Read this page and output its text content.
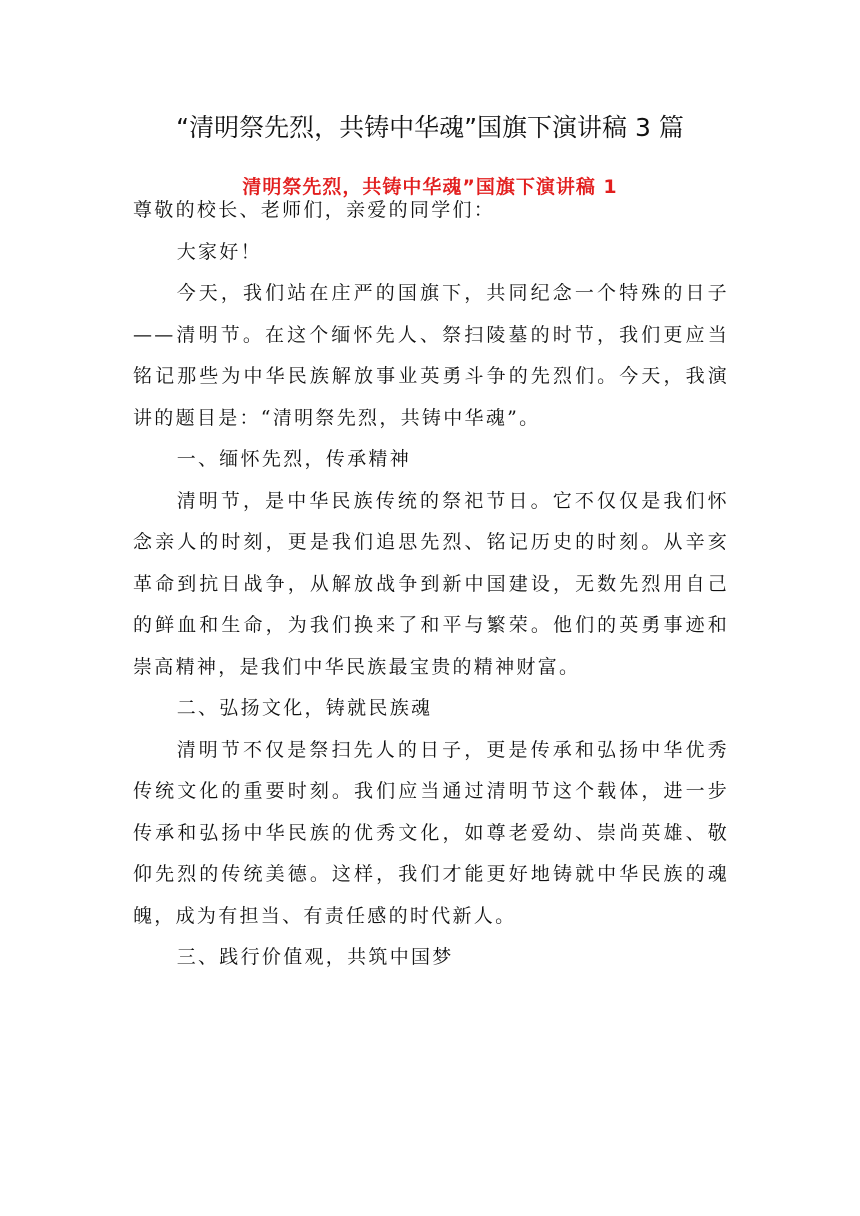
“清明祭先烈，共铸中华魂”国旗下演讲稿 3 篇
清明祭先烈，共铸中华魂”国旗下演讲稿 1

尊敬的校长、老师们，亲爱的同学们：

大家好！

今天，我们站在庄严的国旗下，共同纪念一个特殊的日子——清明节。在这个缅怀先人、祭扫陵墓的时节，我们更应当铭记那些为中华民族解放事业英勇斗争的先烈们。今天，我演讲的题目是：“清明祭先烈，共铸中华魂”。

一、缅怀先烈，传承精神

清明节，是中华民族传统的祭祀节日。它不仅仅是我们怀念亲人的时刻，更是我们追思先烈、铭记历史的时刻。从辛亥革命到抗日战争，从解放战争到新中国建设，无数先烈用自己的鲜血和生命，为我们换来了和平与繁荣。他们的英勇事迹和崇高精神，是我们中华民族最宝贵的精神财富。

二、弘扬文化，铸就民族魂

清明节不仅是祭扫先人的日子，更是传承和弘扬中华优秀传统文化的重要时刻。我们应当通过清明节这个载体，进一步传承和弘扬中华民族的优秀文化，如尊老爱幼、崇尚英雄、敬仰先烈的传统美德。这样，我们才能更好地铸就中华民族的魂魄，成为有担当、有责任感的时代新人。

三、践行价值观，共筑中国梦
